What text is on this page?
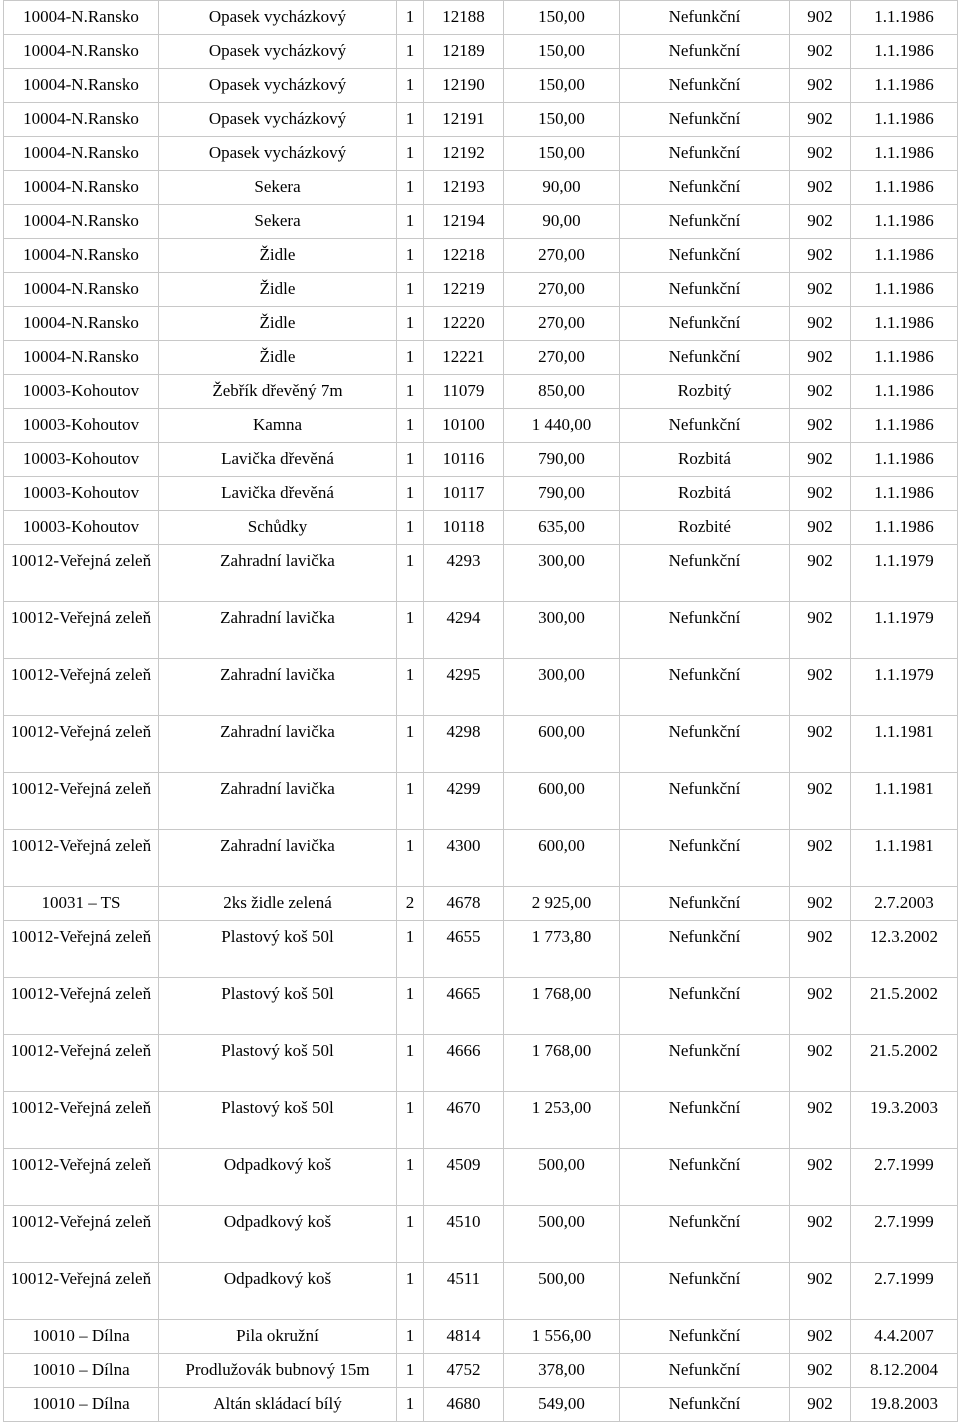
10004-N.Ransko	Opasek vycházkový	1	12188	150,00	Nefunkční	902	1.1.1986
10004-N.Ransko	Opasek vycházkový	1	12189	150,00	Nefunkční	902	1.1.1986
10004-N.Ransko	Opasek vycházkový	1	12190	150,00	Nefunkční	902	1.1.1986
10004-N.Ransko	Opasek vycházkový	1	12191	150,00	Nefunkční	902	1.1.1986
10004-N.Ransko	Opasek vycházkový	1	12192	150,00	Nefunkční	902	1.1.1986
10004-N.Ransko	Sekera	1	12193	90,00	Nefunkční	902	1.1.1986
10004-N.Ransko	Sekera	1	12194	90,00	Nefunkční	902	1.1.1986
10004-N.Ransko	Židle	1	12218	270,00	Nefunkční	902	1.1.1986
10004-N.Ransko	Židle	1	12219	270,00	Nefunkční	902	1.1.1986
10004-N.Ransko	Židle	1	12220	270,00	Nefunkční	902	1.1.1986
10004-N.Ransko	Židle	1	12221	270,00	Nefunkční	902	1.1.1986
10003-Kohoutov	Žebřík dřevěný 7m	1	11079	850,00	Rozbitý	902	1.1.1986
10003-Kohoutov	Kamna	1	10100	1 440,00	Nefunkční	902	1.1.1986
10003-Kohoutov	Lavička dřevěná	1	10116	790,00	Rozbitá	902	1.1.1986
10003-Kohoutov	Lavička dřevěná	1	10117	790,00	Rozbitá	902	1.1.1986
10003-Kohoutov	Schůdky	1	10118	635,00	Rozbité	902	1.1.1986
10012-Veřejná zeleň	Zahradní lavička	1	4293	300,00	Nefunkční	902	1.1.1979
10012-Veřejná zeleň	Zahradní lavička	1	4294	300,00	Nefunkční	902	1.1.1979
10012-Veřejná zeleň	Zahradní lavička	1	4295	300,00	Nefunkční	902	1.1.1979
10012-Veřejná zeleň	Zahradní lavička	1	4298	600,00	Nefunkční	902	1.1.1981
10012-Veřejná zeleň	Zahradní lavička	1	4299	600,00	Nefunkční	902	1.1.1981
10012-Veřejná zeleň	Zahradní lavička	1	4300	600,00	Nefunkční	902	1.1.1981
10031 – TS	2ks židle zelená	2	4678	2 925,00	Nefunkční	902	2.7.2003
10012-Veřejná zeleň	Plastový koš 50l	1	4655	1 773,80	Nefunkční	902	12.3.2002
10012-Veřejná zeleň	Plastový koš 50l	1	4665	1 768,00	Nefunkční	902	21.5.2002
10012-Veřejná zeleň	Plastový koš 50l	1	4666	1 768,00	Nefunkční	902	21.5.2002
10012-Veřejná zeleň	Plastový koš 50l	1	4670	1 253,00	Nefunkční	902	19.3.2003
10012-Veřejná zeleň	Odpadkový koš	1	4509	500,00	Nefunkční	902	2.7.1999
10012-Veřejná zeleň	Odpadkový koš	1	4510	500,00	Nefunkční	902	2.7.1999
10012-Veřejná zeleň	Odpadkový koš	1	4511	500,00	Nefunkční	902	2.7.1999
10010 – Dílna	Pila okružní	1	4814	1 556,00	Nefunkční	902	4.4.2007
10010 – Dílna	Prodlužovák bubnový 15m	1	4752	378,00	Nefunkční	902	8.12.2004
10010 – Dílna	Altán skládací bílý	1	4680	549,00	Nefunkční	902	19.8.2003
